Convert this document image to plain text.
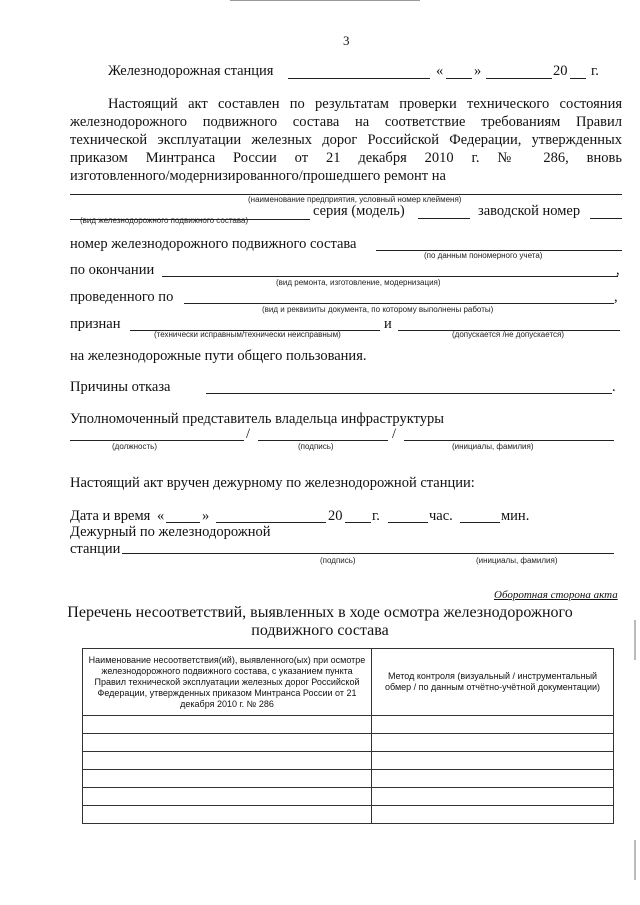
3
Железнодорожная станция	« »	20 г.
Настоящий акт составлен по результатам проверки технического состояния
железнодорожного подвижного состава на соответствие требованиям Правил
технической эксплуатации железных дорог Российской Федерации, утвержденных
приказом Минтранса России от 21 декабря 2010 г. № 286, вновь
изготовленного/модернизированного/прошедшего ремонт на
(наименование предприятия, условный номер клейменя)
(вид железнодорожного подвижного состава)
серия (модель)	заводской номер
номер железнодорожного подвижного состава
(по данным пономерного учета)
по окончании	,
(вид ремонта, изготовление, модернизация)
проведенного по	,
(вид и реквизиты документа, по которому выполнены работы)
признан
(технически исправным/технически неисправным)
и
(допускается /не допускается)
на железнодорожные пути общего пользования.
Причины отказа	.
Уполномоченный представитель владельца инфраструктуры
/	/
(должность)	(подпись)	(инициалы, фамилия)
Настоящий акт вручен дежурному по железнодорожной станции:
Дата и время «	»	20 г.	час.	мин.
Дежурный по железнодорожной
станции
(подпись)	(инициалы, фамилия)
Оборотная сторона акта
Перечень несоответствий, выявленных в ходе осмотра железнодорожного
подвижного состава
Наименование несоответствия(ий), выявленного(ых) при осмотре железнодорожного подвижного состава, с указанием пункта Правил технической эксплуатации железных дорог Российской Федерации, утвержденных приказом Минтранса России от 21 декабря 2010 г. № 286	Метод контроля (визуальный / инструментальный обмер / по данным отчётно-учётной документации)
